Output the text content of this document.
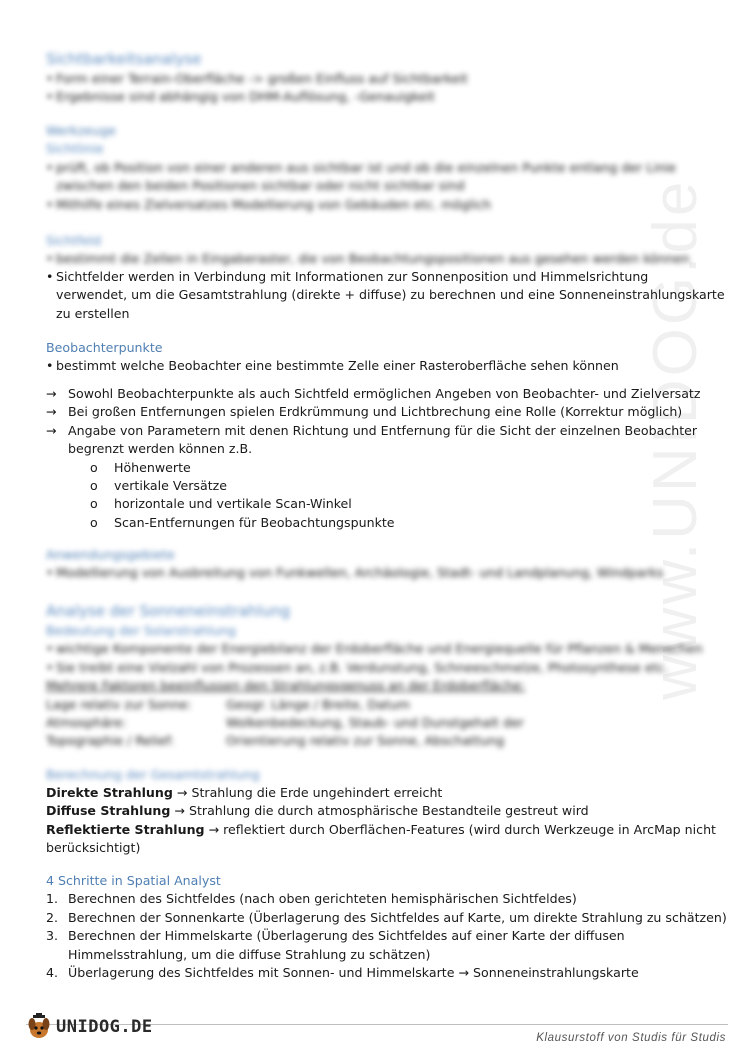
www.UNIDOG.de
Sichtbarkeitsanalyse
• Form einer Terrain-Oberfläche -> großen Einfluss auf Sichtbarkeit
• Ergebnisse sind abhängig von DHM-Auflösung, -Genauigkeit
Werkzeuge
Sichtlinie
• prüft, ob Position von einer anderen aus sichtbar ist und ob die einzelnen Punkte entlang der Linie zwischen den beiden Positionen sichtbar oder nicht sichtbar sind
• Mithilfe eines Zielversatzes Modellierung von Gebäuden etc. möglich
Sichtfeld
• bestimmt die Zellen in Eingaberaster, die von Beobachtungspositionen aus gesehen werden können
• Sichtfelder werden in Verbindung mit Informationen zur Sonnenposition und Himmelsrichtung
verwendet, um die Gesamtstrahlung (direkte + diffuse) zu berechnen und eine Sonneneinstrahlungskarte
zu erstellen
Beobachterpunkte
• bestimmt welche Beobachter eine bestimmte Zelle einer Rasteroberfläche sehen können
→ Sowohl Beobachterpunkte als auch Sichtfeld ermöglichen Angeben von Beobachter- und Zielversatz
→ Bei großen Entfernungen spielen Erdkrümmung und Lichtbrechung eine Rolle (Korrektur möglich)
→ Angabe von Parametern mit denen Richtung und Entfernung für die Sicht der einzelnen Beobachter
begrenzt werden können z.B.
o	Höhenwerte
o	vertikale Versätze
o	horizontale und vertikale Scan-Winkel
o	Scan-Entfernungen für Beobachtungspunkte
Anwendungsgebiete
• Modellierung von Ausbreitung von Funkwellen, Archäologie, Stadt- und Landplanung, Windparks
Analyse der Sonneneinstrahlung
Bedeutung der Solarstrahlung
• wichtige Komponente der Energiebilanz der Erdoberfläche und Energiequelle für Pflanzen & Menschen
• Sie treibt eine Vielzahl von Prozessen an, z.B. Verdunstung, Schneeschmelze, Photosynthese etc.
Mehrere Faktoren beeinflussen den Strahlungsgenuss an der Erdoberfläche:
Lage relativ zur Sonne:	Geogr. Länge / Breite, Datum
Atmosphäre:	Wolkenbedeckung, Staub- und Dunstgehalt der
Topographie / Relief:	Orientierung relativ zur Sonne, Abschattung
Berechnung der Gesamtstrahlung
Direkte Strahlung → Strahlung die Erde ungehindert erreicht
Diffuse Strahlung → Strahlung die durch atmosphärische Bestandteile gestreut wird
Reflektierte Strahlung → reflektiert durch Oberflächen-Features (wird durch Werkzeuge in ArcMap nicht
berücksichtigt)
4 Schritte in Spatial Analyst
1. Berechnen des Sichtfeldes (nach oben gerichteten hemisphärischen Sichtfeldes)
2. Berechnen der Sonnenkarte (Überlagerung des Sichtfeldes auf Karte, um direkte Strahlung zu schätzen)
3. Berechnen der Himmelskarte (Überlagerung des Sichtfeldes auf einer Karte der diffusen
Himmelsstrahlung, um die diffuse Strahlung zu schätzen)
4. Überlagerung des Sichtfeldes mit Sonnen- und Himmelskarte → Sonneneinstrahlungskarte
UNIDOG.DE
Klausurstoff von Studis für Studis
